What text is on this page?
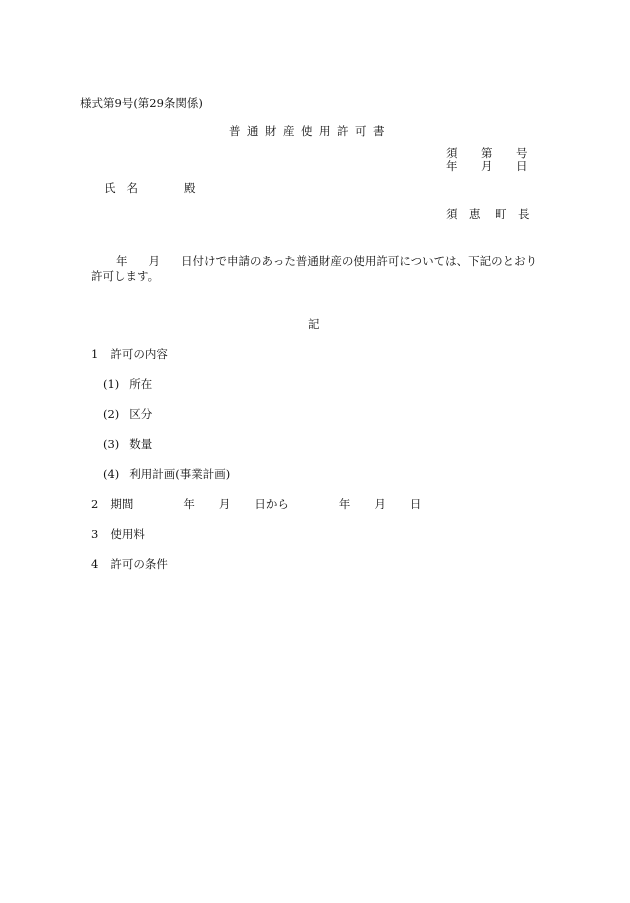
様式第9号(第29条関係)
普通財産使用許可書
須 第 号
年 月 日
氏 名	殿
須 恵 町 長
年 月 日付けで申請のあった普通財産の使用許可については、下記のとおり
許可します。
記
1 許可の内容
(1) 所在
(2) 区分
(3) 数量
(4) 利用計画(事業計画)
2 期間	年 月 日から	年 月 日
3 使用料
4 許可の条件
